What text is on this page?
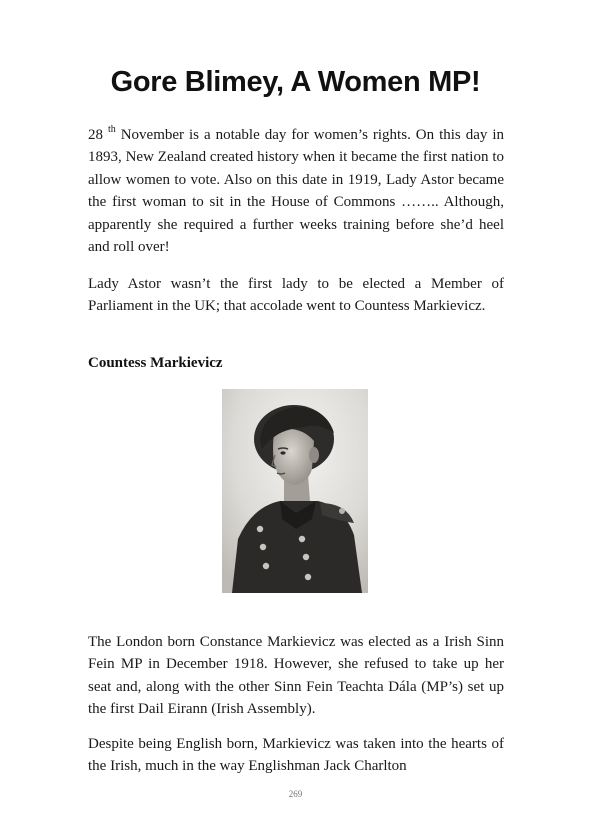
Gore Blimey, A Women MP!

28 $^{th}$ November is a notable day for women’s rights. On this day in 1893, New Zealand created history when it became the first nation to allow women to vote. Also on this date in 1919, Lady Astor became the first woman to sit in the House of Commons …….. Although, apparently she required a further weeks training before she’d heel and roll over!

Lady Astor wasn’t the first lady to be elected a Member of Parliament in the UK; that accolade went to Countess Markievicz.

Countess Markievicz

The London born Constance Markievicz was elected as a Irish Sinn Fein MP in December 1918. However, she refused to take up her seat and, along with the other Sinn Fein Teachta Dála (MP’s) set up the first Dail Eirann (Irish Assembly).

Despite being English born, Markievicz was taken into the hearts of the Irish, much in the way Englishman Jack Charlton

269
